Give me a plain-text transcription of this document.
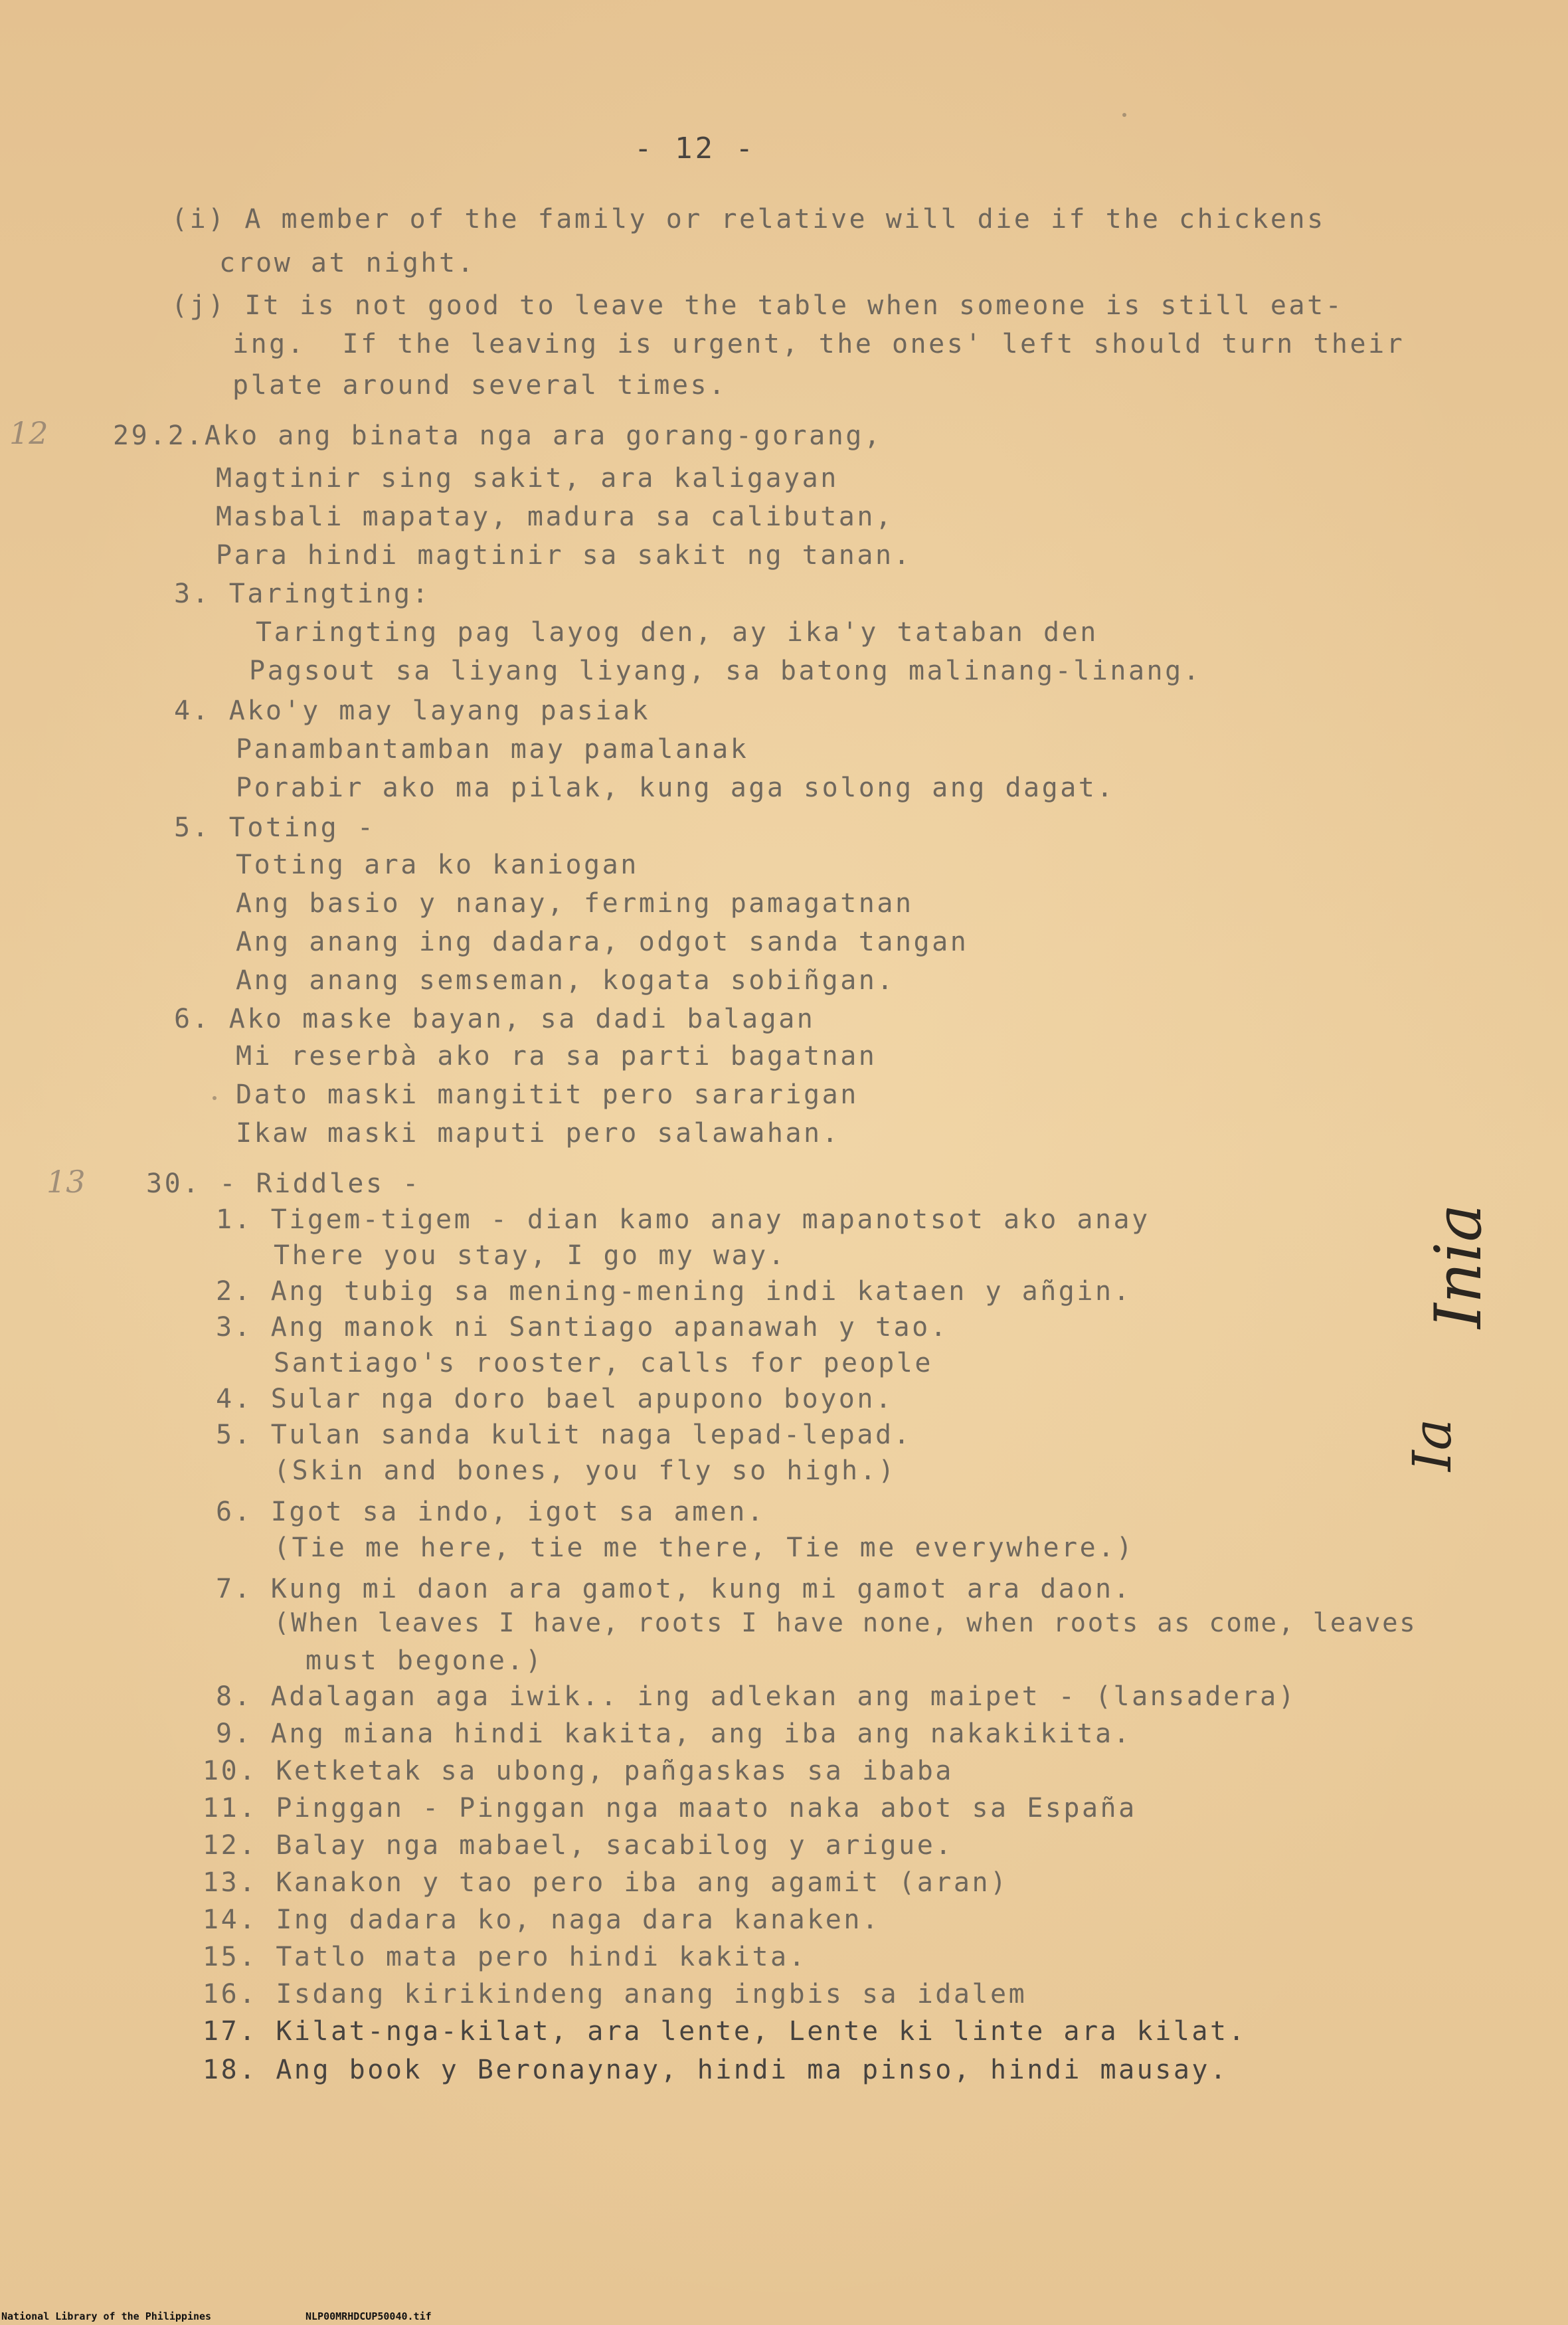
- 12 -
(i) A member of the family or relative will die if the chickens
crow at night.
(j) It is not good to leave the table when someone is still eat-
ing.  If the leaving is urgent, the ones' left should turn their
plate around several times.
12 29.2.Ako ang binata nga ara gorang-gorang,
Magtinir sing sakit, ara kaligayan
Masbali mapatay, madura sa calibutan,
Para hindi magtinir sa sakit ng tanan.
3. Taringting:
Taringting pag layog den, ay ika'y tataban den
Pagsout sa liyang liyang, sa batong malinang-linang.
4. Ako'y may layang pasiak
Panambantamban may pamalanak
Porabir ako ma pilak, kung aga solong ang dagat.
5. Toting -
Toting ara ko kaniogan
Ang basio y nanay, ferming pamagatnan
Ang anang ing dadara, odgot sanda tangan
Ang anang semseman, kogata sobiñgan.
6. Ako maske bayan, sa dadi balagan
Mi reserbà ako ra sa parti bagatnan
Dato maski mangitit pero sararigan
Ikaw maski maputi pero salawahan.
13 30. - Riddles -
1. Tigem-tigem - dian kamo anay mapanotsot ako anay
There you stay, I go my way.
2. Ang tubig sa mening-mening indi kataen y añgin.
3. Ang manok ni Santiago apanawah y tao.
Santiago's rooster, calls for people
4. Sular nga doro bael apupono boyon.
5. Tulan sanda kulit naga lepad-lepad.
(Skin and bones, you fly so high.)
6. Igot sa indo, igot sa amen.
(Tie me here, tie me there, Tie me everywhere.)
7. Kung mi daon ara gamot, kung mi gamot ara daon.
(When leaves I have, roots I have none, when roots as come, leaves
must begone.)
8. Adalagan aga iwik.. ing adlekan ang maipet - (lansadera)
9. Ang miana hindi kakita, ang iba ang nakakikita.
10. Ketketak sa ubong, pañgaskas sa ibaba
11. Pinggan - Pinggan nga maato naka abot sa España
12. Balay nga mabael, sacabilog y arigue.
13. Kanakon y tao pero iba ang agamit (aran)
14. Ing dadara ko, naga dara kanaken.
15. Tatlo mata pero hindi kakita.
16. Isdang kirikindeng anang ingbis sa idalem
17. Kilat-nga-kilat, ara lente, Lente ki linte ara kilat.
18. Ang book y Beronaynay, hindi ma pinso, hindi mausay.
Inia
Ia
National Library of the Philippines	NLP00MRHDCUP50040.tif
